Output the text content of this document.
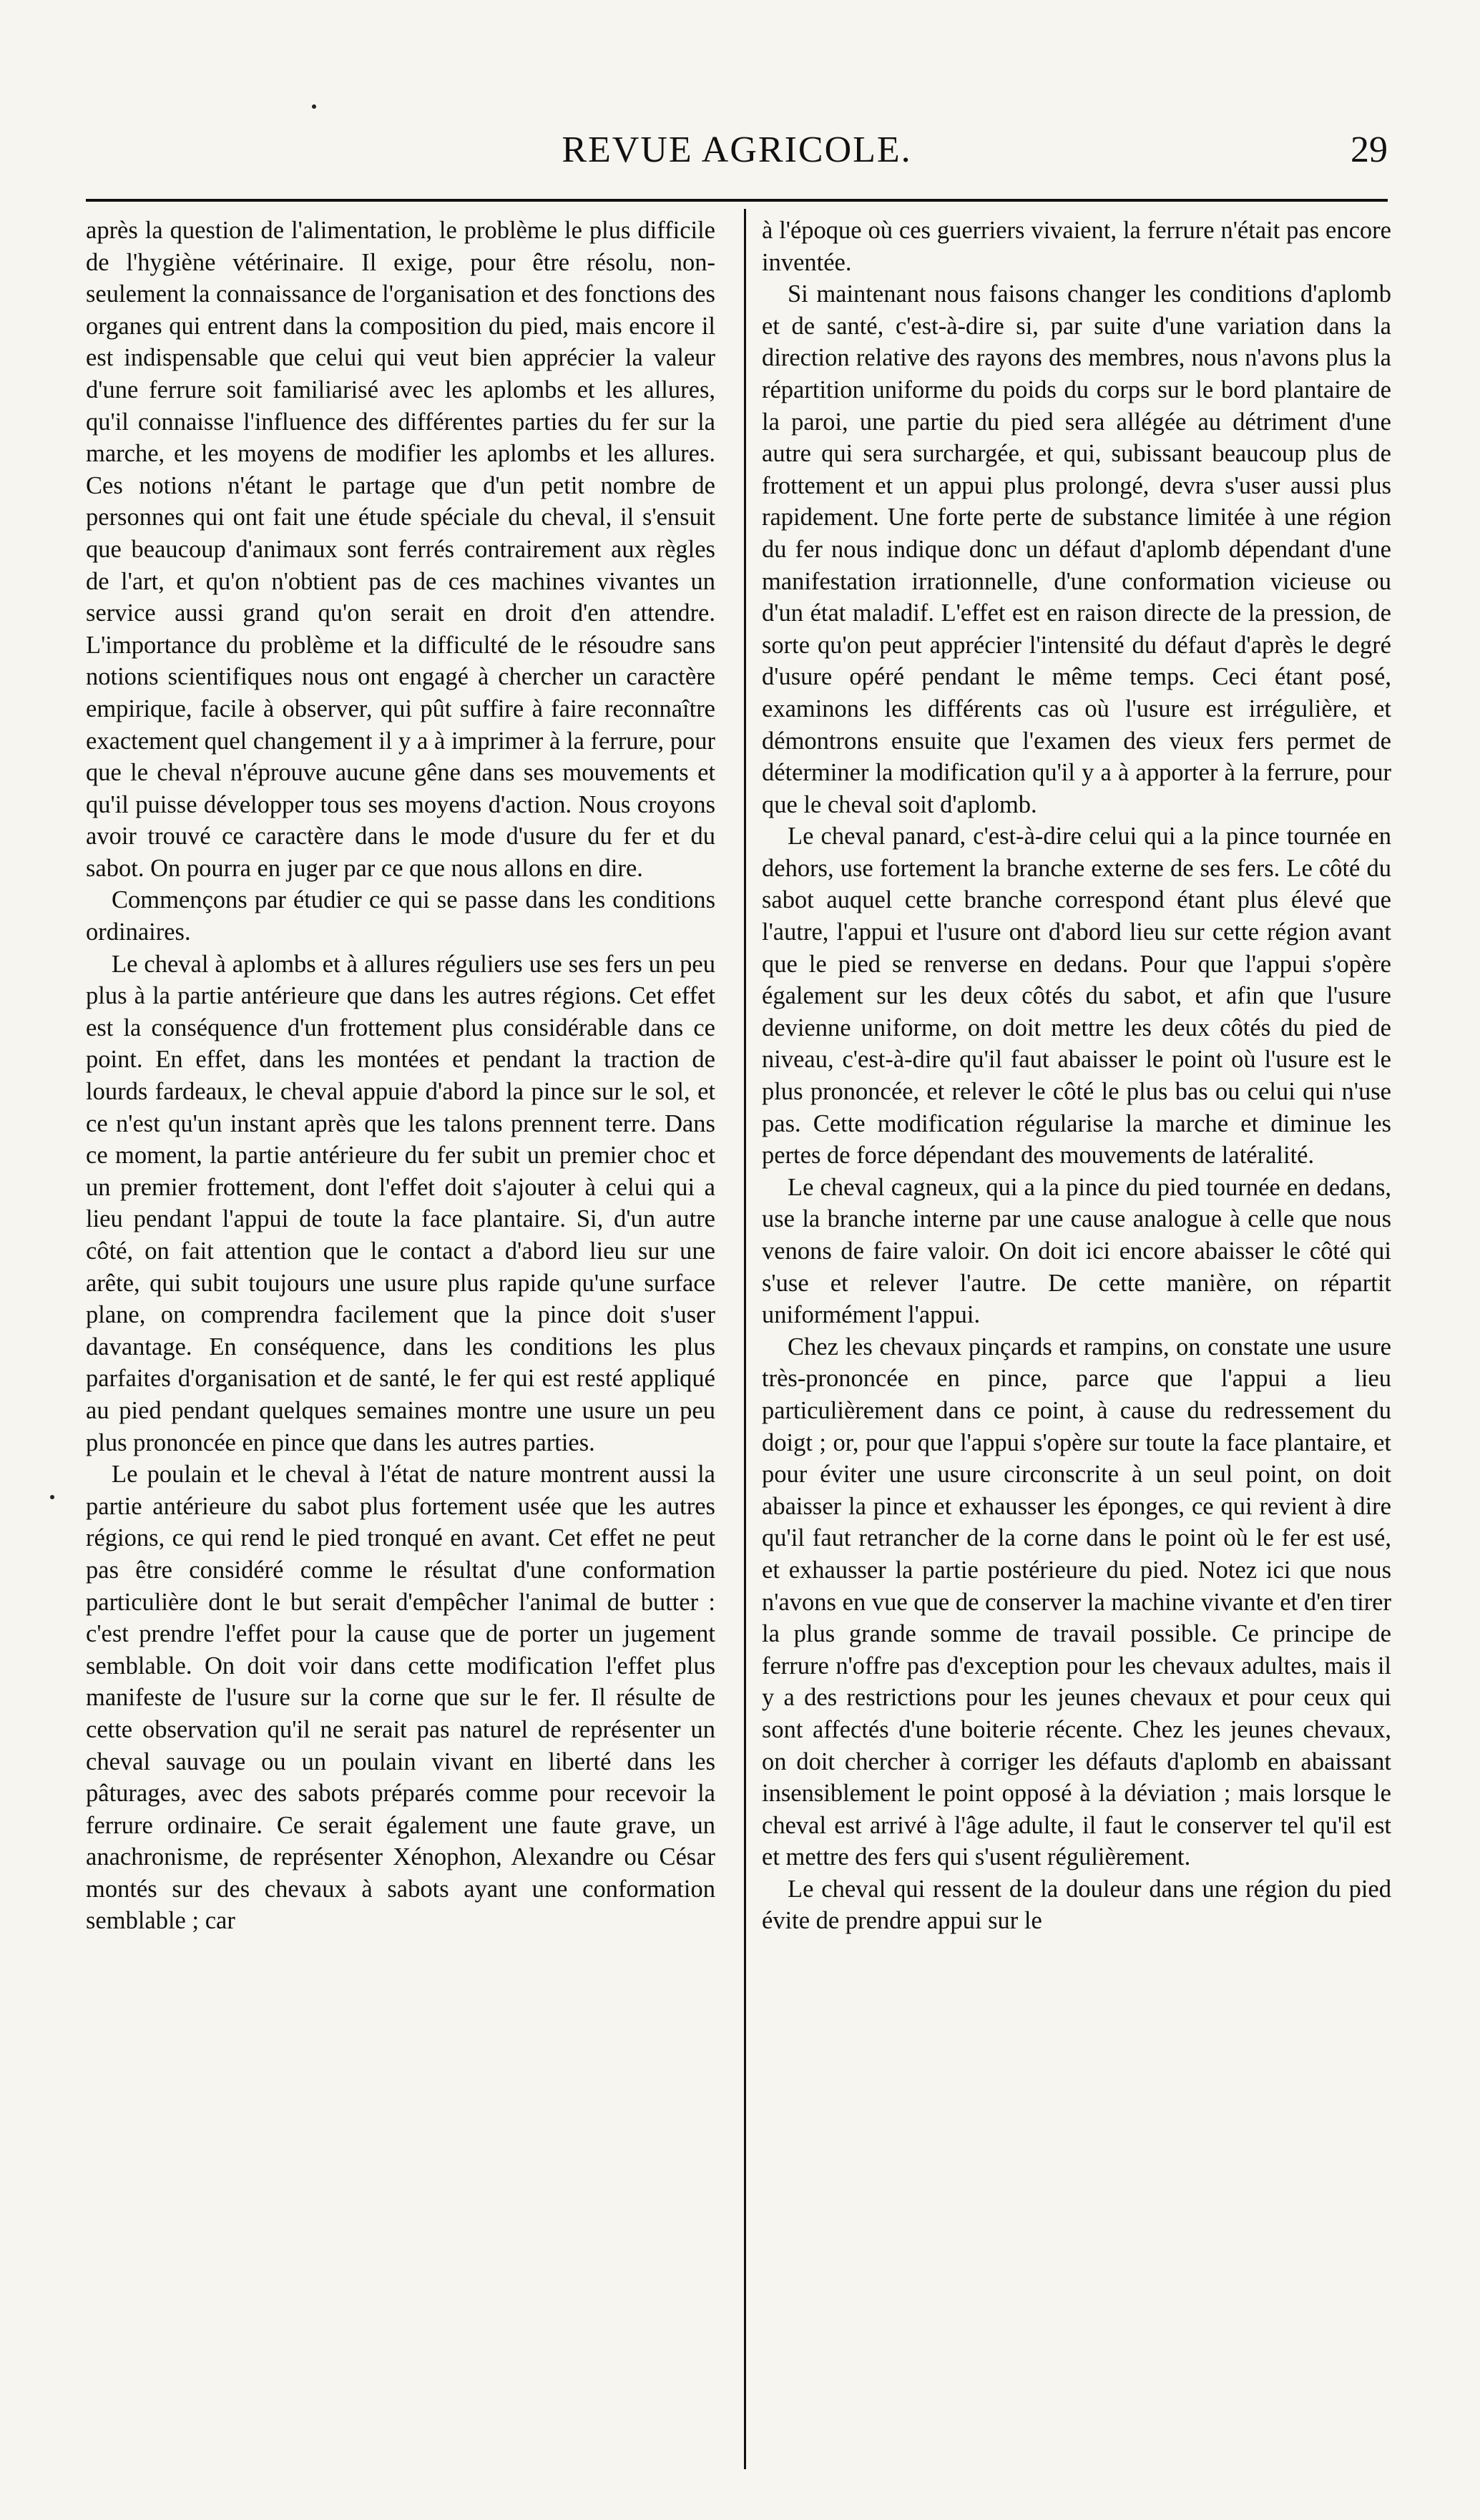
REVUE AGRICOLE.	29

après la question de l'alimentation, le problème le plus difficile de l'hygiène vétérinaire. Il exige, pour être résolu, non-seulement la connaissance de l'organisation et des fonctions des organes qui entrent dans la composition du pied, mais encore il est indispensable que celui qui veut bien apprécier la valeur d'une ferrure soit familiarisé avec les aplombs et les allures, qu'il connaisse l'influence des différentes parties du fer sur la marche, et les moyens de modifier les aplombs et les allures. Ces notions n'étant le partage que d'un petit nombre de personnes qui ont fait une étude spéciale du cheval, il s'ensuit que beaucoup d'animaux sont ferrés contrairement aux règles de l'art, et qu'on n'obtient pas de ces machines vivantes un service aussi grand qu'on serait en droit d'en attendre. L'importance du problème et la difficulté de le résoudre sans notions scientifiques nous ont engagé à chercher un caractère empirique, facile à observer, qui pût suffire à faire reconnaître exactement quel changement il y a à imprimer à la ferrure, pour que le cheval n'éprouve aucune gêne dans ses mouvements et qu'il puisse développer tous ses moyens d'action. Nous croyons avoir trouvé ce caractère dans le mode d'usure du fer et du sabot. On pourra en juger par ce que nous allons en dire.

Commençons par étudier ce qui se passe dans les conditions ordinaires.

Le cheval à aplombs et à allures réguliers use ses fers un peu plus à la partie antérieure que dans les autres régions. Cet effet est la conséquence d'un frottement plus considérable dans ce point. En effet, dans les montées et pendant la traction de lourds fardeaux, le cheval appuie d'abord la pince sur le sol, et ce n'est qu'un instant après que les talons prennent terre. Dans ce moment, la partie antérieure du fer subit un premier choc et un premier frottement, dont l'effet doit s'ajouter à celui qui a lieu pendant l'appui de toute la face plantaire. Si, d'un autre côté, on fait attention que le contact a d'abord lieu sur une arête, qui subit toujours une usure plus rapide qu'une surface plane, on comprendra facilement que la pince doit s'user davantage. En conséquence, dans les conditions les plus parfaites d'organisation et de santé, le fer qui est resté appliqué au pied pendant quelques semaines montre une usure un peu plus prononcée en pince que dans les autres parties.

Le poulain et le cheval à l'état de nature montrent aussi la partie antérieure du sabot plus fortement usée que les autres régions, ce qui rend le pied tronqué en avant. Cet effet ne peut pas être considéré comme le résultat d'une conformation particulière dont le but serait d'empêcher l'animal de butter : c'est prendre l'effet pour la cause que de porter un jugement semblable. On doit voir dans cette modification l'effet plus manifeste de l'usure sur la corne que sur le fer. Il résulte de cette observation qu'il ne serait pas naturel de représenter un cheval sauvage ou un poulain vivant en liberté dans les pâturages, avec des sabots préparés comme pour recevoir la ferrure ordinaire. Ce serait également une faute grave, un anachronisme, de représenter Xénophon, Alexandre ou César montés sur des chevaux à sabots ayant une conformation semblable ; car

à l'époque où ces guerriers vivaient, la ferrure n'était pas encore inventée.

Si maintenant nous faisons changer les conditions d'aplomb et de santé, c'est-à-dire si, par suite d'une variation dans la direction relative des rayons des membres, nous n'avons plus la répartition uniforme du poids du corps sur le bord plantaire de la paroi, une partie du pied sera allégée au détriment d'une autre qui sera surchargée, et qui, subissant beaucoup plus de frottement et un appui plus prolongé, devra s'user aussi plus rapidement. Une forte perte de substance limitée à une région du fer nous indique donc un défaut d'aplomb dépendant d'une manifestation irrationnelle, d'une conformation vicieuse ou d'un état maladif. L'effet est en raison directe de la pression, de sorte qu'on peut apprécier l'intensité du défaut d'après le degré d'usure opéré pendant le même temps. Ceci étant posé, examinons les différents cas où l'usure est irrégulière, et démontrons ensuite que l'examen des vieux fers permet de déterminer la modification qu'il y a à apporter à la ferrure, pour que le cheval soit d'aplomb.

Le cheval panard, c'est-à-dire celui qui a la pince tournée en dehors, use fortement la branche externe de ses fers. Le côté du sabot auquel cette branche correspond étant plus élevé que l'autre, l'appui et l'usure ont d'abord lieu sur cette région avant que le pied se renverse en dedans. Pour que l'appui s'opère également sur les deux côtés du sabot, et afin que l'usure devienne uniforme, on doit mettre les deux côtés du pied de niveau, c'est-à-dire qu'il faut abaisser le point où l'usure est le plus prononcée, et relever le côté le plus bas ou celui qui n'use pas. Cette modification régularise la marche et diminue les pertes de force dépendant des mouvements de latéralité.

Le cheval cagneux, qui a la pince du pied tournée en dedans, use la branche interne par une cause analogue à celle que nous venons de faire valoir. On doit ici encore abaisser le côté qui s'use et relever l'autre. De cette manière, on répartit uniformément l'appui.

Chez les chevaux pinçards et rampins, on constate une usure très-prononcée en pince, parce que l'appui a lieu particulièrement dans ce point, à cause du redressement du doigt ; or, pour que l'appui s'opère sur toute la face plantaire, et pour éviter une usure circonscrite à un seul point, on doit abaisser la pince et exhausser les éponges, ce qui revient à dire qu'il faut retrancher de la corne dans le point où le fer est usé, et exhausser la partie postérieure du pied. Notez ici que nous n'avons en vue que de conserver la machine vivante et d'en tirer la plus grande somme de travail possible. Ce principe de ferrure n'offre pas d'exception pour les chevaux adultes, mais il y a des restrictions pour les jeunes chevaux et pour ceux qui sont affectés d'une boiterie récente. Chez les jeunes chevaux, on doit chercher à corriger les défauts d'aplomb en abaissant insensiblement le point opposé à la déviation ; mais lorsque le cheval est arrivé à l'âge adulte, il faut le conserver tel qu'il est et mettre des fers qui s'usent régulièrement.

Le cheval qui ressent de la douleur dans une région du pied évite de prendre appui sur le
